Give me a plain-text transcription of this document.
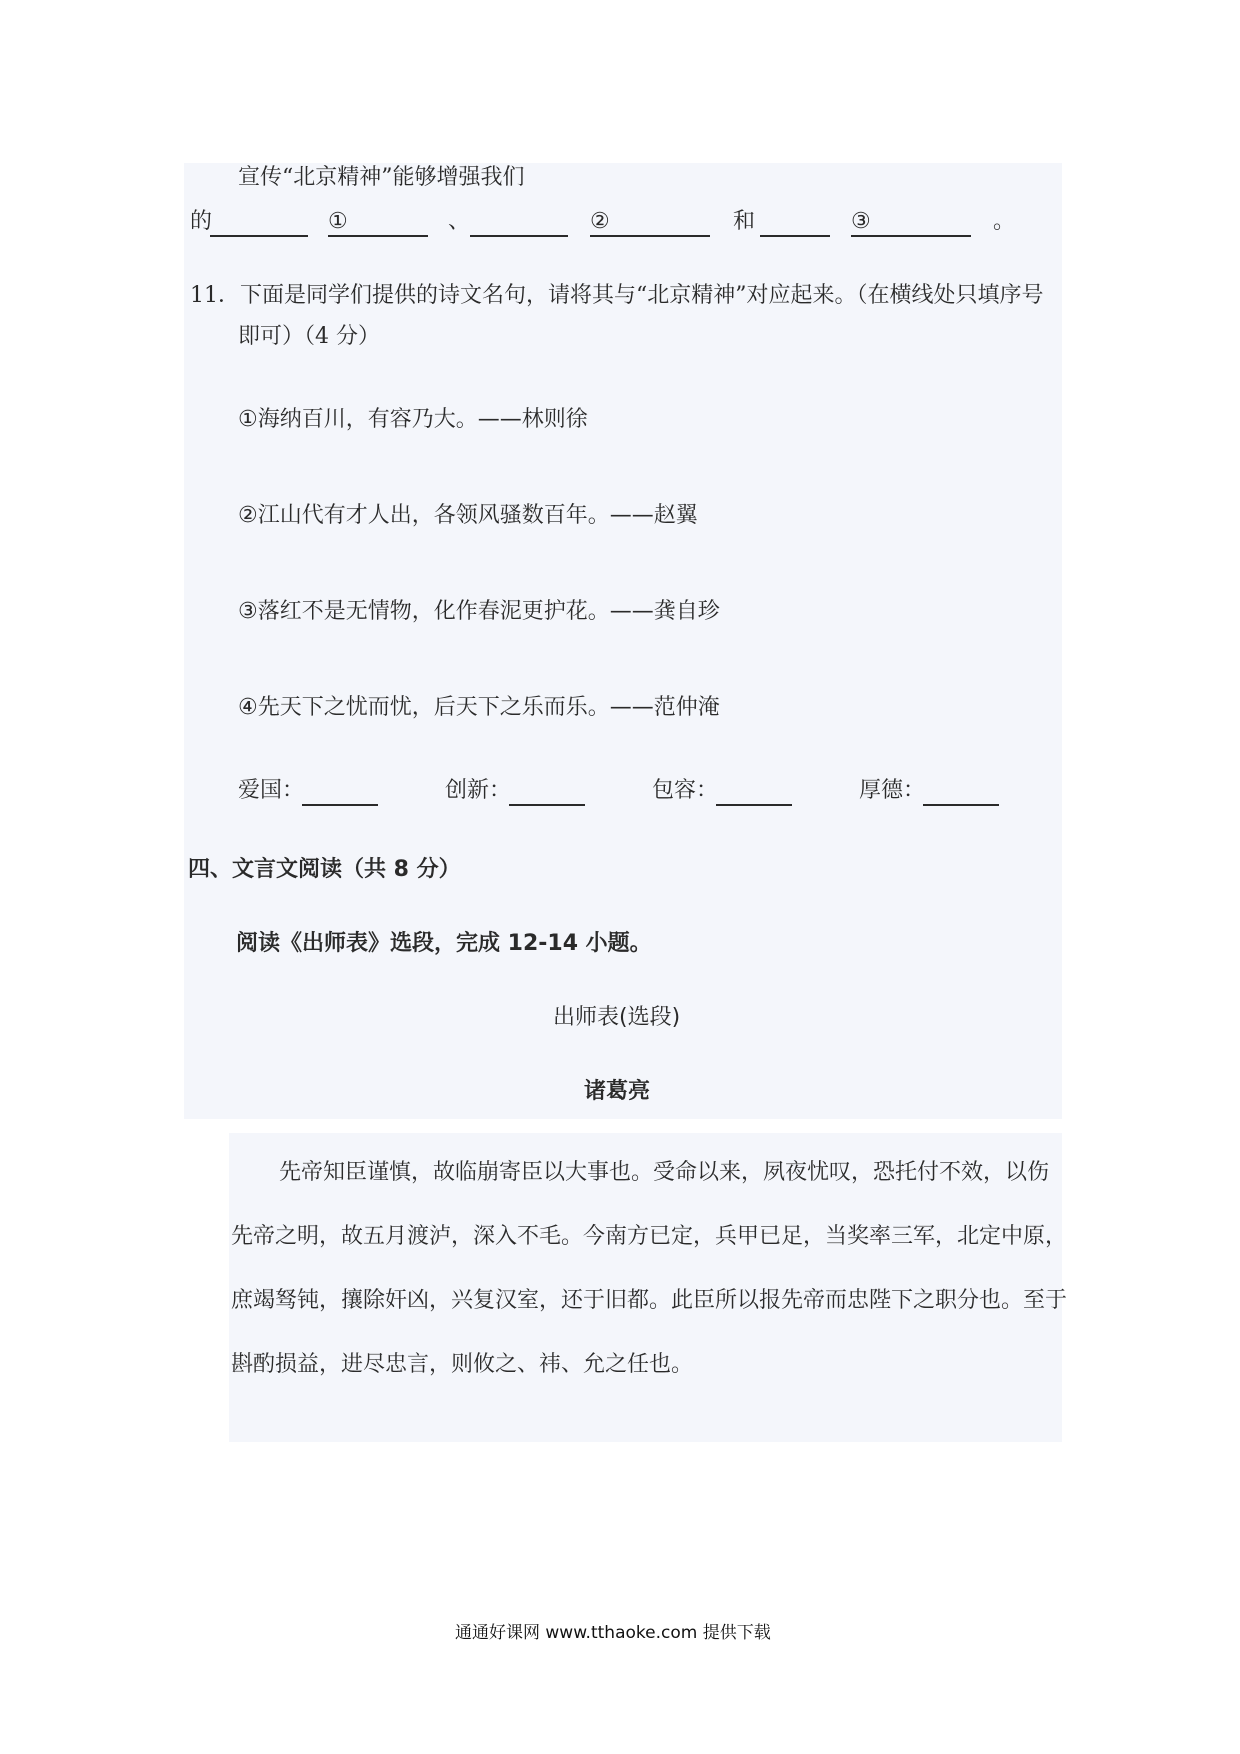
宣传“北京精神”能够增强我们
的	①	、	②	和	③	。
11．下面是同学们提供的诗文名句，请将其与“北京精神”对应起来。（在横线处只填序号
即可）（4 分）
①海纳百川，有容乃大。——林则徐
②江山代有才人出，各领风骚数百年。——赵翼
③落红不是无情物，化作春泥更护花。——龚自珍
④先天下之忧而忧，后天下之乐而乐。——范仲淹
爱国：	创新：	包容：	厚德：
四、文言文阅读（共 8 分）
阅读《出师表》选段，完成 12-14 小题。
出师表(选段)
诸葛亮
先帝知臣谨慎，故临崩寄臣以大事也。受命以来，夙夜忧叹，恐托付不效，以伤
先帝之明，故五月渡泸，深入不毛。今南方已定，兵甲已足，当奖率三军，北定中原，
庶竭驽钝，攘除奸凶，兴复汉室，还于旧都。此臣所以报先帝而忠陛下之职分也。至于
斟酌损益，进尽忠言，则攸之、祎、允之任也。
通通好课网 www.tthaoke.com 提供下载
